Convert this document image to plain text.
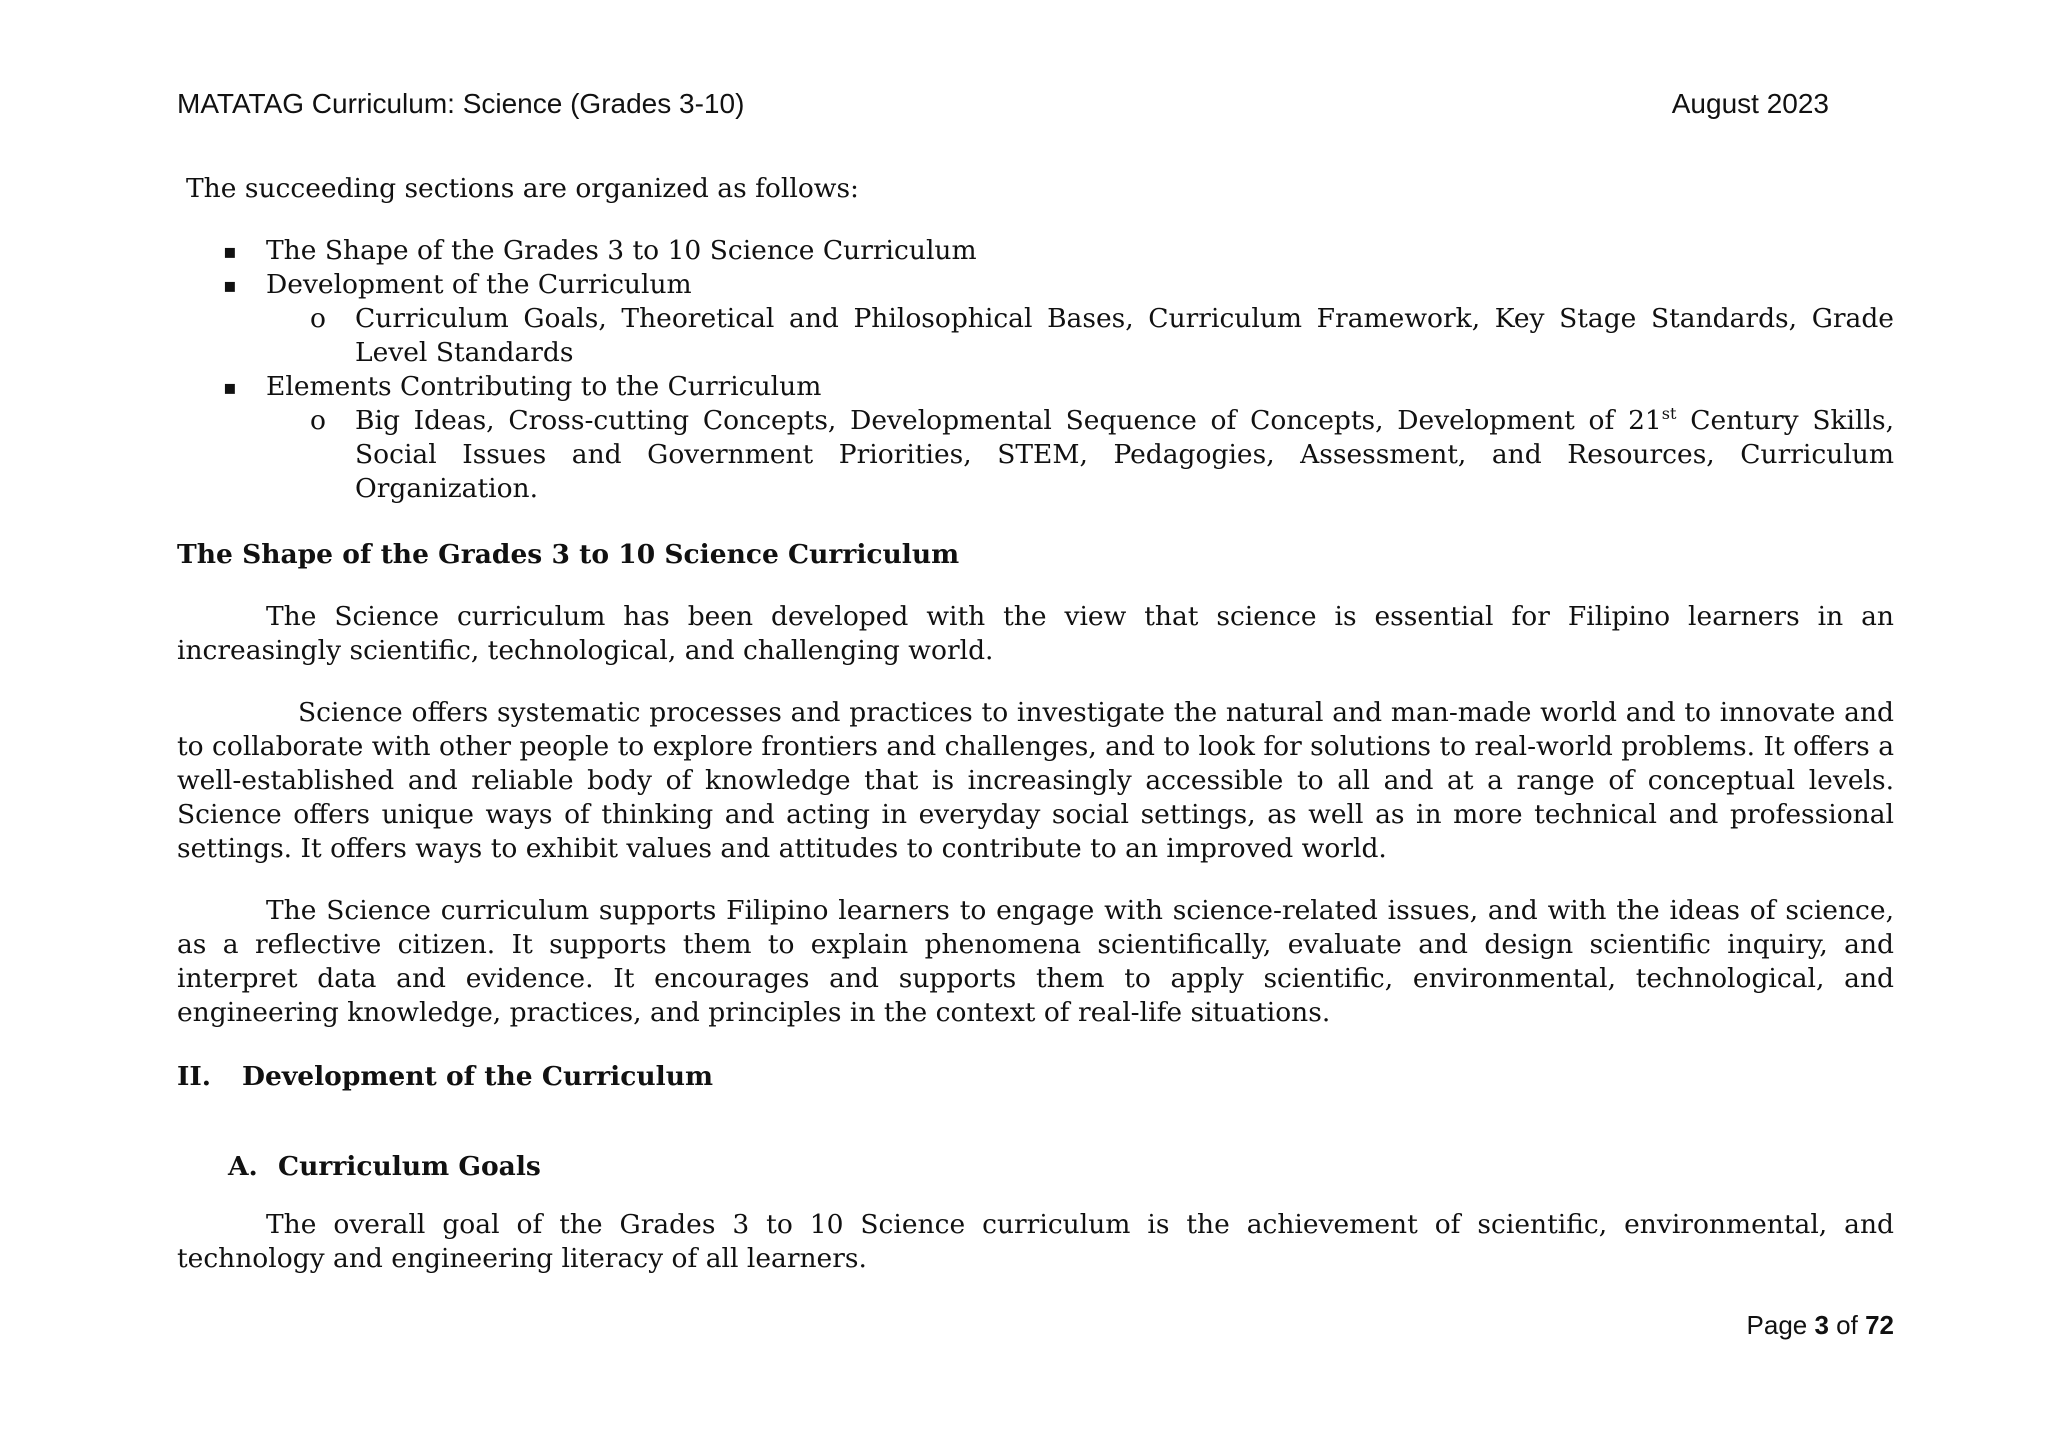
MATATAG Curriculum: Science (Grades 3-10)	August 2023

The succeeding sections are organized as follows:

▪ The Shape of the Grades 3 to 10 Science Curriculum
▪ Development of the Curriculum
o Curriculum Goals, Theoretical and Philosophical Bases, Curriculum Framework, Key Stage Standards, Grade Level Standards
▪ Elements Contributing to the Curriculum
o Big Ideas, Cross-cutting Concepts, Developmental Sequence of Concepts, Development of 21st Century Skills, Social Issues and Government Priorities, STEM, Pedagogies, Assessment, and Resources, Curriculum Organization.
The Shape of the Grades 3 to 10 Science Curriculum

The Science curriculum has been developed with the view that science is essential for Filipino learners in an increasingly scientific, technological, and challenging world.

Science offers systematic processes and practices to investigate the natural and man-made world and to innovate and to collaborate with other people to explore frontiers and challenges, and to look for solutions to real-world problems. It offers a well-established and reliable body of knowledge that is increasingly accessible to all and at a range of conceptual levels. Science offers unique ways of thinking and acting in everyday social settings, as well as in more technical and professional settings. It offers ways to exhibit values and attitudes to contribute to an improved world.

The Science curriculum supports Filipino learners to engage with science-related issues, and with the ideas of science, as a reflective citizen. It supports them to explain phenomena scientifically, evaluate and design scientific inquiry, and interpret data and evidence. It encourages and supports them to apply scientific, environmental, technological, and engineering knowledge, practices, and principles in the context of real-life situations.

II.	Development of the Curriculum
A. Curriculum Goals

The overall goal of the Grades 3 to 10 Science curriculum is the achievement of scientific, environmental, and technology and engineering literacy of all learners.

Page 3 of 72
